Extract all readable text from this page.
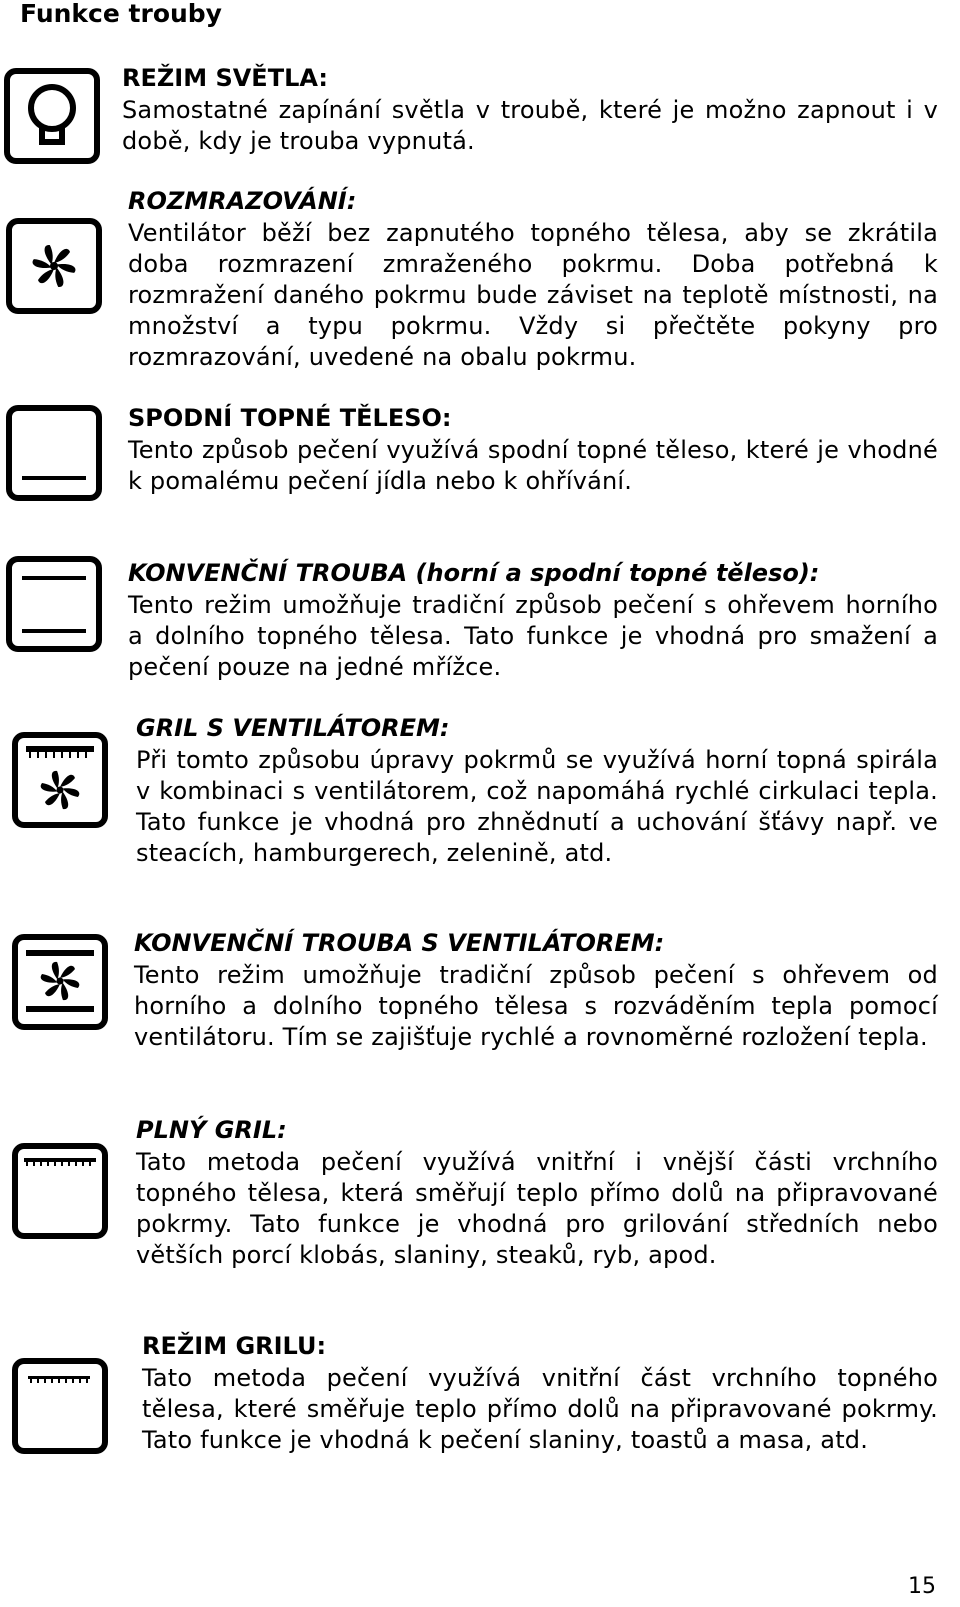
Funkce trouby
REŽIM SVĚTLA:
Samostatné zapínání světla v troubě, které je možno zapnout i v době, kdy je trouba vypnutá.
ROZMRAZOVÁNÍ:
Ventilátor běží bez zapnutého topného tělesa, aby se zkrátila doba rozmrazení zmraženého pokrmu. Doba potřebná k rozmražení daného pokrmu bude záviset na teplotě místnosti, na množství a typu pokrmu. Vždy si přečtěte pokyny pro rozmrazování, uvedené na obalu pokrmu.
SPODNÍ TOPNÉ TĚLESO:
Tento způsob pečení využívá spodní topné těleso, které je vhodné k pomalému pečení jídla nebo k ohřívání.
KONVENČNÍ TROUBA (horní a spodní topné těleso):
Tento režim umožňuje tradiční způsob pečení s ohřevem horního a dolního topného tělesa. Tato funkce je vhodná pro smažení a pečení pouze na jedné mřížce.
GRIL S VENTILÁTOREM:
Při tomto způsobu úpravy pokrmů se využívá horní topná spirála v kombinaci s ventilátorem, což napomáhá rychlé cirkulaci tepla. Tato funkce je vhodná pro zhnědnutí a uchování šťávy např. ve steacích, hamburgerech, zelenině, atd.
KONVENČNÍ TROUBA S VENTILÁTOREM:
Tento režim umožňuje tradiční způsob pečení s ohřevem od horního a dolního topného tělesa s rozváděním tepla pomocí ventilátoru. Tím se zajišťuje rychlé a rovnoměrné rozložení tepla.
PLNÝ GRIL:
Tato metoda pečení využívá vnitřní i vnější části vrchního topného tělesa, která směřují teplo přímo dolů na připravované pokrmy. Tato funkce je vhodná pro grilování středních nebo větších porcí klobás, slaniny, steaků, ryb, apod.
REŽIM GRILU:
Tato metoda pečení využívá vnitřní část vrchního topného tělesa, které směřuje teplo přímo dolů na připravované pokrmy. Tato funkce je vhodná k pečení slaniny, toastů a masa, atd.
15
